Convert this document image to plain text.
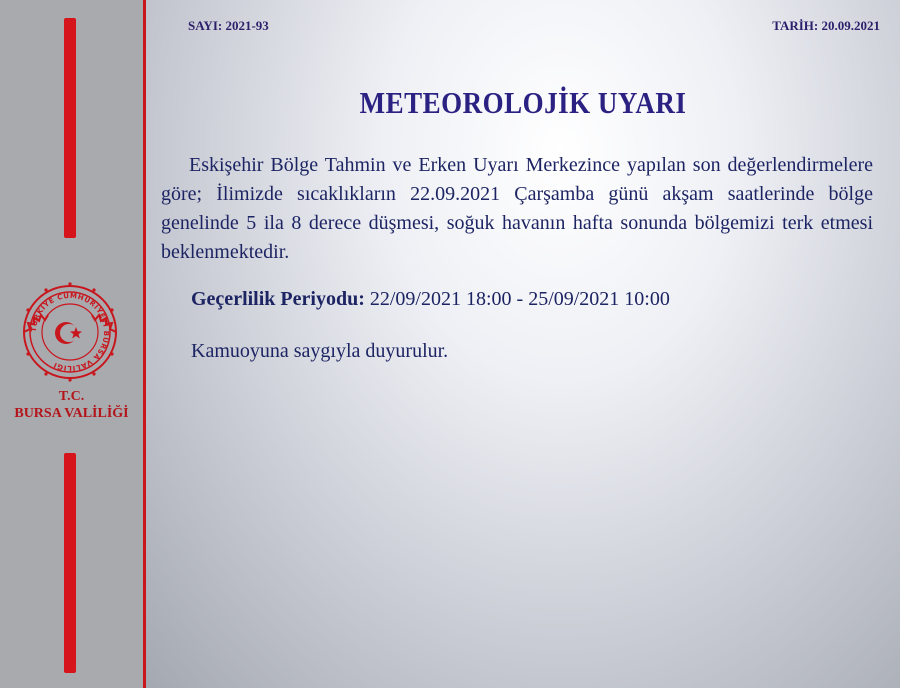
TÜRKİYE CUMHURİYETİ BURSA VALİLİĞİ
T.C.
BURSA VALİLİĞİ
SAYI: 2021-93	TARİH: 20.09.2021
METEOROLOJİK UYARI

Eskişehir Bölge Tahmin ve Erken Uyarı Merkezince yapılan son değerlendirmelere göre; İlimizde sıcaklıkların 22.09.2021 Çarşamba günü akşam saatlerinde bölge genelinde 5 ila 8 derece düşmesi, soğuk havanın hafta sonunda bölgemizi terk etmesi beklenmektedir.

Geçerlilik Periyodu: 22/09/2021 18:00 - 25/09/2021 10:00
Kamuoyuna saygıyla duyurulur.
